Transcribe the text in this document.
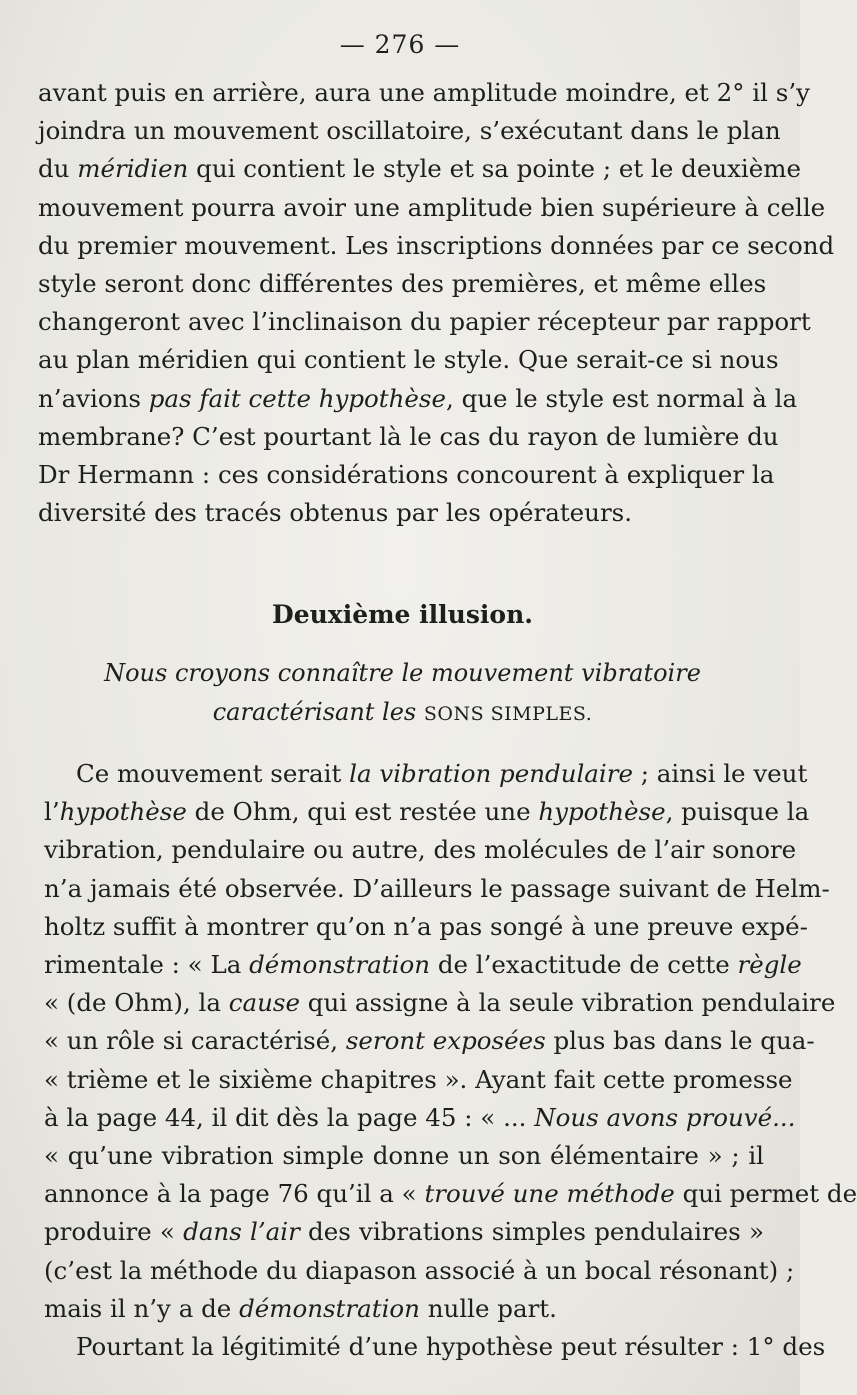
— 276 —
avant puis en arrière, aura une amplitude moindre, et 2° il s’y
joindra un mouvement oscillatoire, s’exécutant dans le plan
du méridien qui contient le style et sa pointe ; et le deuxième
mouvement pourra avoir une amplitude bien supérieure à celle
du premier mouvement. Les inscriptions données par ce second
style seront donc différentes des premières, et même elles
changeront avec l’inclinaison du papier récepteur par rapport
au plan méridien qui contient le style. Que serait-ce si nous
n’avions pas fait cette hypothèse, que le style est normal à la
membrane? C’est pourtant là le cas du rayon de lumière du
Dr Hermann : ces considérations concourent à expliquer la
diversité des tracés obtenus par les opérateurs.
Deuxième illusion.
Nous croyons connaître le mouvement vibratoire
caractérisant les SONS SIMPLES.
Ce mouvement serait la vibration pendulaire ; ainsi le veut
l’hypothèse de Ohm, qui est restée une hypothèse, puisque la
vibration, pendulaire ou autre, des molécules de l’air sonore
n’a jamais été observée. D’ailleurs le passage suivant de Helm-
holtz suffit à montrer qu’on n’a pas songé à une preuve expé-
rimentale : « La démonstration de l’exactitude de cette règle
« (de Ohm), la cause qui assigne à la seule vibration pendulaire
« un rôle si caractérisé, seront exposées plus bas dans le qua-
« trième et le sixième chapitres ». Ayant fait cette promesse
à la page 44, il dit dès la page 45 : « ... Nous avons prouvé...
« qu’une vibration simple donne un son élémentaire » ; il
annonce à la page 76 qu’il a « trouvé une méthode qui permet de
produire « dans l’air des vibrations simples pendulaires »
(c’est la méthode du diapason associé à un bocal résonant) ;
mais il n’y a de démonstration nulle part.
Pourtant la légitimité d’une hypothèse peut résulter : 1° des
